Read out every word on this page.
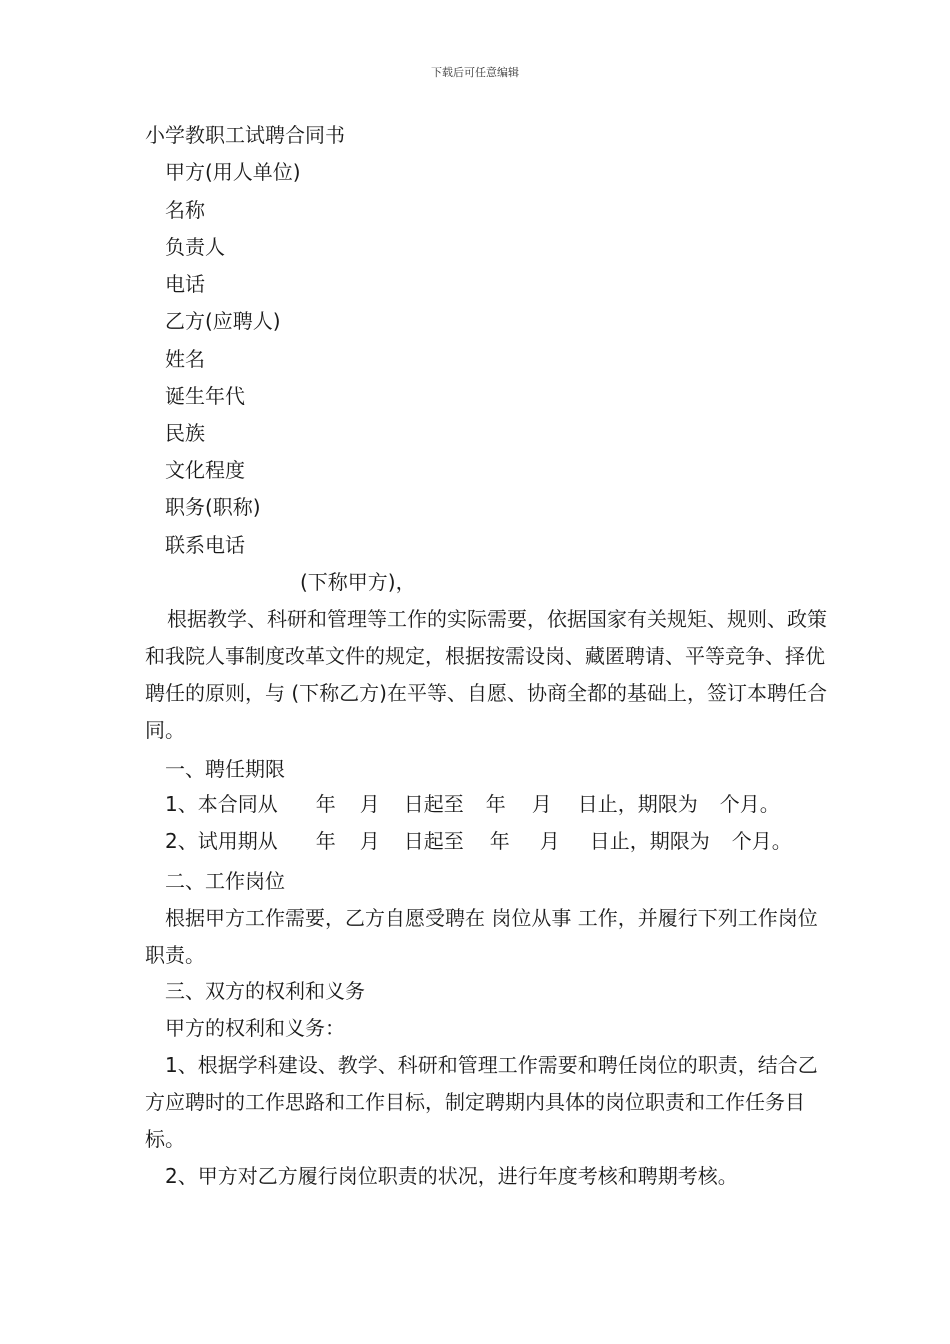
下载后可任意编辑
小学教职工试聘合同书
甲方(用人单位)
名称
负责人
电话
乙方(应聘人)
姓名
诞生年代
民族
文化程度
职务(职称)
联系电话
(下称甲方)，
根据教学、科研和管理等工作的实际需要，依据国家有关规矩、规则、政策和我院人事制度改革文件的规定，根据按需设岗、藏匿聘请、平等竞争、择优聘任的原则，与 (下称乙方)在平等、自愿、协商全都的基础上，签订本聘任合同。
一、聘任期限
1、本合同从 年 月 日起至 年 月 日止，期限为 个月。
2、试用期从 年 月 日起至 年 月 日止，期限为 个月。
二、工作岗位
根据甲方工作需要，乙方自愿受聘在 岗位从事 工作，并履行下列工作岗位职责。
三、双方的权利和义务
甲方的权利和义务：
1、根据学科建设、教学、科研和管理工作需要和聘任岗位的职责，结合乙方应聘时的工作思路和工作目标，制定聘期内具体的岗位职责和工作任务目标。
2、甲方对乙方履行岗位职责的状况，进行年度考核和聘期考核。
